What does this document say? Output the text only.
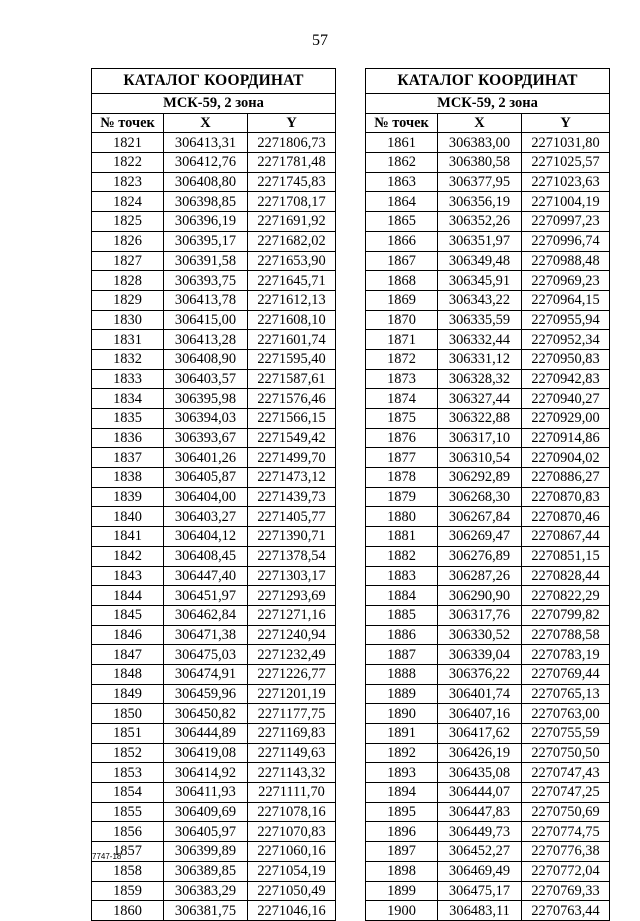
57
КАТАЛОГ КООРДИНАТ		
МСК-59, 2 зона		
№ точек	X	Y
1821	306413,31	2271806,73
1822	306412,76	2271781,48
1823	306408,80	2271745,83
1824	306398,85	2271708,17
1825	306396,19	2271691,92
1826	306395,17	2271682,02
1827	306391,58	2271653,90
1828	306393,75	2271645,71
1829	306413,78	2271612,13
1830	306415,00	2271608,10
1831	306413,28	2271601,74
1832	306408,90	2271595,40
1833	306403,57	2271587,61
1834	306395,98	2271576,46
1835	306394,03	2271566,15
1836	306393,67	2271549,42
1837	306401,26	2271499,70
1838	306405,87	2271473,12
1839	306404,00	2271439,73
1840	306403,27	2271405,77
1841	306404,12	2271390,71
1842	306408,45	2271378,54
1843	306447,40	2271303,17
1844	306451,97	2271293,69
1845	306462,84	2271271,16
1846	306471,38	2271240,94
1847	306475,03	2271232,49
1848	306474,91	2271226,77
1849	306459,96	2271201,19
1850	306450,82	2271177,75
1851	306444,89	2271169,83
1852	306419,08	2271149,63
1853	306414,92	2271143,32
1854	306411,93	2271111,70
1855	306409,69	2271078,16
1856	306405,97	2271070,83
1857	306399,89	2271060,16
1858	306389,85	2271054,19
1859	306383,29	2271050,49
1860	306381,75	2271046,16
КАТАЛОГ КООРДИНАТ		
МСК-59, 2 зона		
№ точек	X	Y
1861	306383,00	2271031,80
1862	306380,58	2271025,57
1863	306377,95	2271023,63
1864	306356,19	2271004,19
1865	306352,26	2270997,23
1866	306351,97	2270996,74
1867	306349,48	2270988,48
1868	306345,91	2270969,23
1869	306343,22	2270964,15
1870	306335,59	2270955,94
1871	306332,44	2270952,34
1872	306331,12	2270950,83
1873	306328,32	2270942,83
1874	306327,44	2270940,27
1875	306322,88	2270929,00
1876	306317,10	2270914,86
1877	306310,54	2270904,02
1878	306292,89	2270886,27
1879	306268,30	2270870,83
1880	306267,84	2270870,46
1881	306269,47	2270867,44
1882	306276,89	2270851,15
1883	306287,26	2270828,44
1884	306290,90	2270822,29
1885	306317,76	2270799,82
1886	306330,52	2270788,58
1887	306339,04	2270783,19
1888	306376,22	2270769,44
1889	306401,74	2270765,13
1890	306407,16	2270763,00
1891	306417,62	2270755,59
1892	306426,19	2270750,50
1893	306435,08	2270747,43
1894	306444,07	2270747,25
1895	306447,83	2270750,69
1896	306449,73	2270774,75
1897	306452,27	2270776,38
1898	306469,49	2270772,04
1899	306475,17	2270769,33
1900	306483,11	2270763,44
7747-18
